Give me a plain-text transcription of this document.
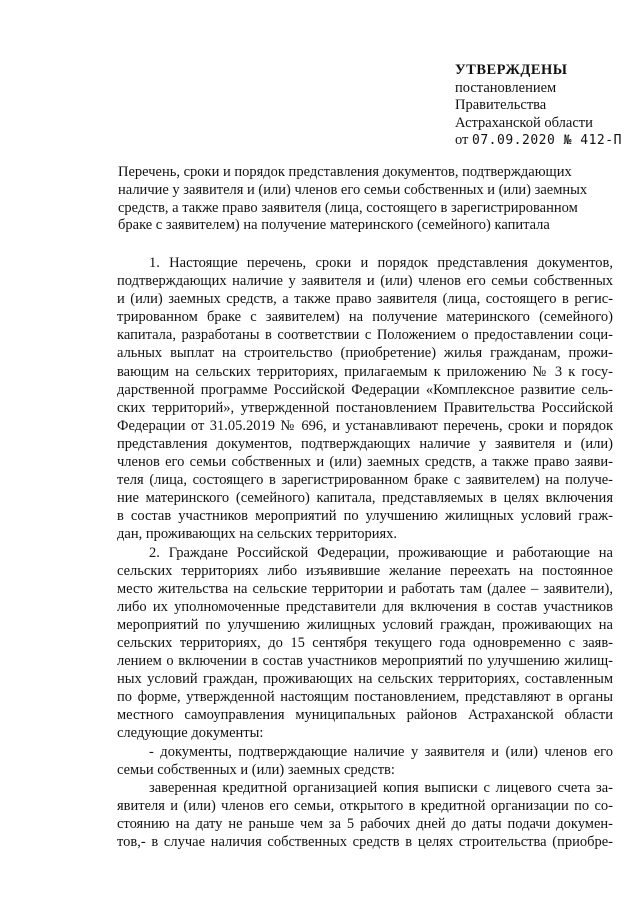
УТВЕРЖДЕНЫ
постановлением
Правительства
Астраханской области
от 07.09.2020 № 412-П
Перечень, сроки и порядок представления документов, подтверждающих
наличие у заявителя и (или) членов его семьи собственных и (или) заемных
средств, а также право заявителя (лица, состоящего в зарегистрированном
браке с заявителем) на получение материнского (семейного) капитала
1. Настоящие перечень, сроки и порядок представления документов,
подтверждающих наличие у заявителя и (или) членов его семьи собственных
и (или) заемных средств, а также право заявителя (лица, состоящего в регис-
трированном браке с заявителем) на получение материнского (семейного)
капитала, разработаны в соответствии с Положением о предоставлении соци-
альных выплат на строительство (приобретение) жилья гражданам, прожи-
вающим на сельских территориях, прилагаемым к приложению № 3 к госу-
дарственной программе Российской Федерации «Комплексное развитие сель-
ских территорий», утвержденной постановлением Правительства Российской
Федерации от 31.05.2019 № 696, и устанавливают перечень, сроки и порядок
представления документов, подтверждающих наличие у заявителя и (или)
членов его семьи собственных и (или) заемных средств, а также право заяви-
теля (лица, состоящего в зарегистрированном браке с заявителем) на получе-
ние материнского (семейного) капитала, представляемых в целях включения
в состав участников мероприятий по улучшению жилищных условий граж-
дан, проживающих на сельских территориях.
2. Граждане Российской Федерации, проживающие и работающие на
сельских территориях либо изъявившие желание переехать на постоянное
место жительства на сельские территории и работать там (далее – заявители),
либо их уполномоченные представители для включения в состав участников
мероприятий по улучшению жилищных условий граждан, проживающих на
сельских территориях, до 15 сентября текущего года одновременно с заяв-
лением о включении в состав участников мероприятий по улучшению жилищ-
ных условий граждан, проживающих на сельских территориях, составленным
по форме, утвержденной настоящим постановлением, представляют в органы
местного самоуправления муниципальных районов Астраханской области
следующие документы:
- документы, подтверждающие наличие у заявителя и (или) членов его
семьи собственных и (или) заемных средств:
заверенная кредитной организацией копия выписки с лицевого счета за-
явителя и (или) членов его семьи, открытого в кредитной организации по со-
стоянию на дату не раньше чем за 5 рабочих дней до даты подачи докумен-
тов,- в случае наличия собственных средств в целях строительства (приобре-
